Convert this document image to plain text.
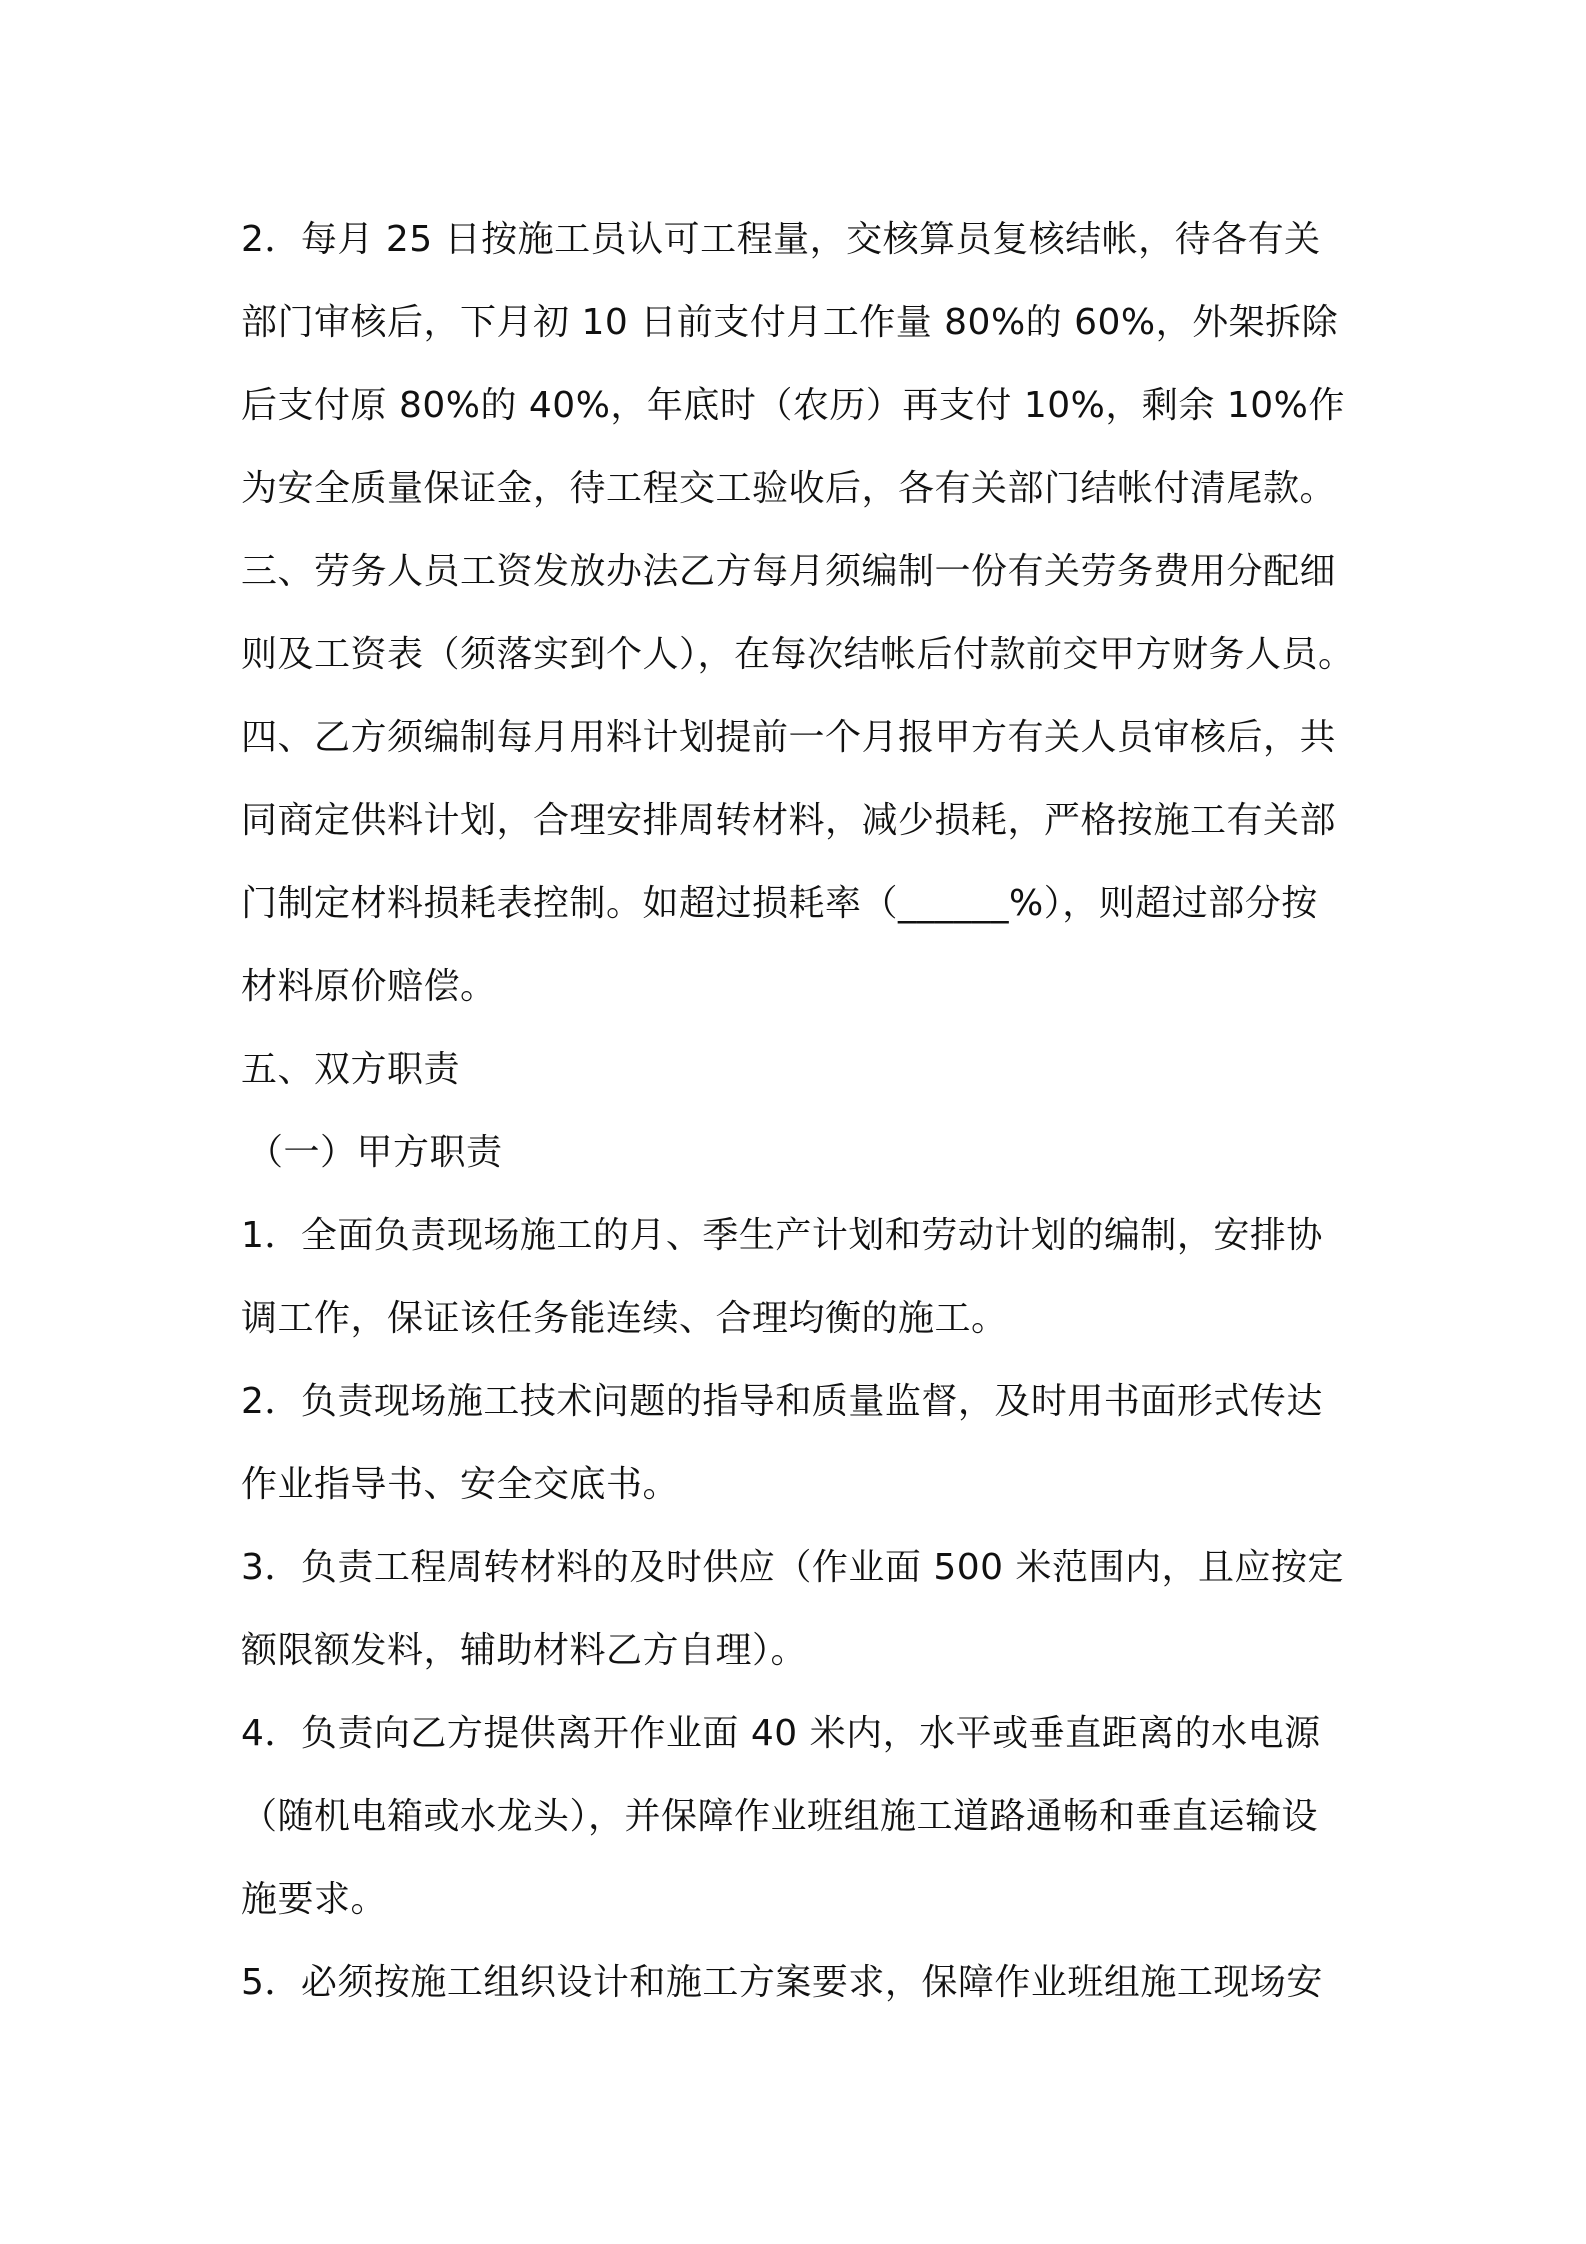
2．每月 25 日按施工员认可工程量，交核算员复核结帐，待各有关
部门审核后，下月初 10 日前支付月工作量 80%的 60%，外架拆除
后支付原 80%的 40%，年底时（农历）再支付 10%，剩余 10%作
为安全质量保证金，待工程交工验收后，各有关部门结帐付清尾款。
三、劳务人员工资发放办法乙方每月须编制一份有关劳务费用分配细
则及工资表（须落实到个人），在每次结帐后付款前交甲方财务人员。
四、乙方须编制每月用料计划提前一个月报甲方有关人员审核后，共
同商定供料计划，合理安排周转材料，减少损耗，严格按施工有关部
门制定材料损耗表控制。如超过损耗率（______%），则超过部分按
材料原价赔偿。
五、双方职责
（一）甲方职责
1．全面负责现场施工的月、季生产计划和劳动计划的编制，安排协
调工作，保证该任务能连续、合理均衡的施工。
2．负责现场施工技术问题的指导和质量监督，及时用书面形式传达
作业指导书、安全交底书。
3．负责工程周转材料的及时供应（作业面 500 米范围内，且应按定
额限额发料，辅助材料乙方自理）。
4．负责向乙方提供离开作业面 40 米内，水平或垂直距离的水电源
（随机电箱或水龙头），并保障作业班组施工道路通畅和垂直运输设
施要求。
5．必须按施工组织设计和施工方案要求，保障作业班组施工现场安
